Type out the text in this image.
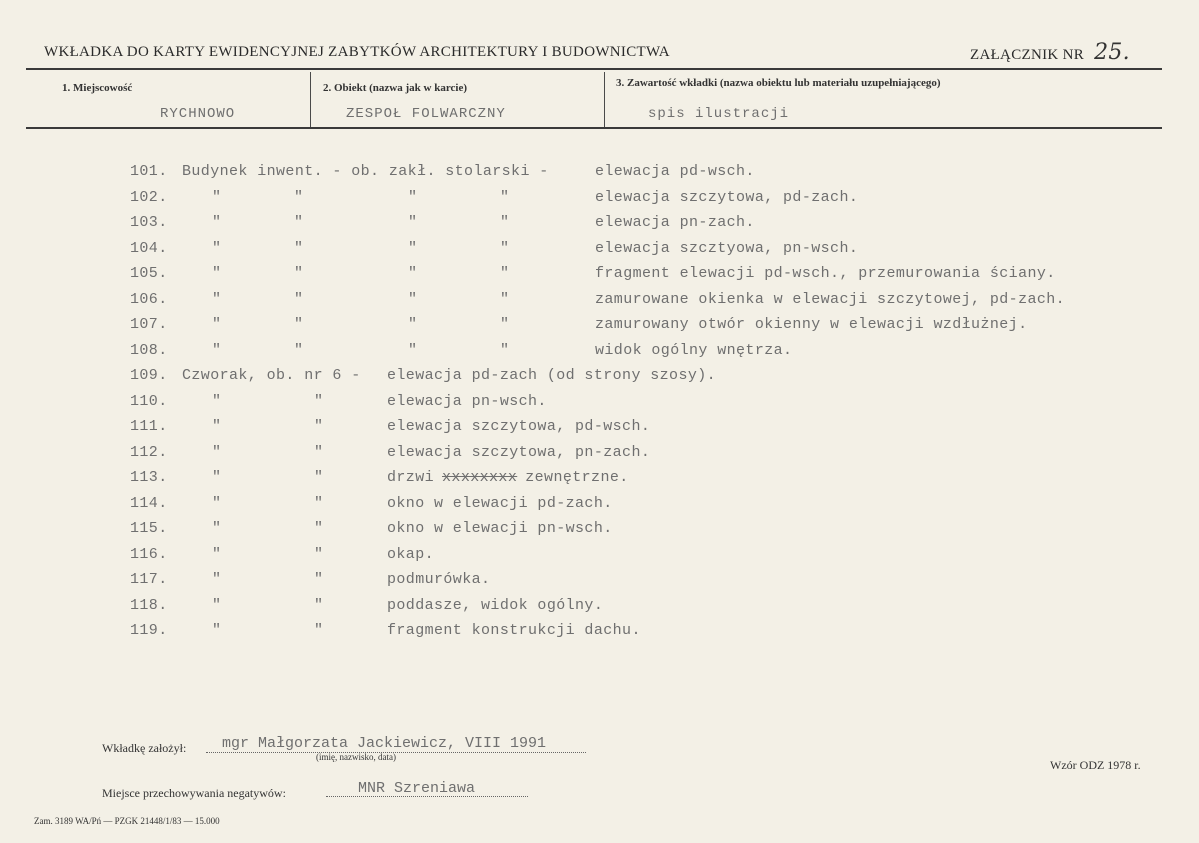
WKŁADKA DO KARTY EWIDENCYJNEJ ZABYTKÓW ARCHITEKTURY I BUDOWNICTWA	ZAŁĄCZNIK NR 25.
1. Miejscowość
RYCHNOWO
2. Obiekt (nazwa jak w karcie)
ZESPOŁ FOLWARCZNY
3. Zawartość wkładki (nazwa obiektu lub materiału uzupełniającego)
spis ilustracji
101. Budynek inwent. - ob. zakł. stolarski -	elewacja pd-wsch.
102.	"	"	"	"	elewacja szczytowa, pd-zach.
103.	"	"	"	"	elewacja pn-zach.
104.	"	"	"	"	elewacja szcztyowa, pn-wsch.
105.	"	"	"	"	fragment elewacji pd-wsch., przemurowania ściany.
106.	"	"	"	"	zamurowane okienka w elewacji szczytowej, pd-zach.
107.	"	"	"	"	zamurowany otwór okienny w elewacji wzdłużnej.
108.	"	"	"	"	widok ogólny wnętrza.
109. Czworak, ob. nr 6 - elewacja pd-zach (od strony szosy).
110.	"	"	elewacja pn-wsch.
111.	"	"	elewacja szczytowa, pd-wsch.
112.	"	"	elewacja szczytowa, pn-zach.
113.	"	"	drzwi xxxxxxxx zewnętrzne.
114.	"	"	okno w elewacji pd-zach.
115.	"	"	okno w elewacji pn-wsch.
116.	"	"	okap.
117.	"	"	podmurówka.
118.	"	"	poddasze, widok ogólny.
119.	"	"	fragment konstrukcji dachu.
Wkładkę założył: mgr Małgorzata Jackiewicz, VIII 1991
(imię, nazwisko, data)
Wzór ODZ 1978 r.
Miejsce przechowywania negatywów:	MNR Szreniawa
Zam. 3189 WA/Pń — PZGK 21448/1/83 — 15.000
